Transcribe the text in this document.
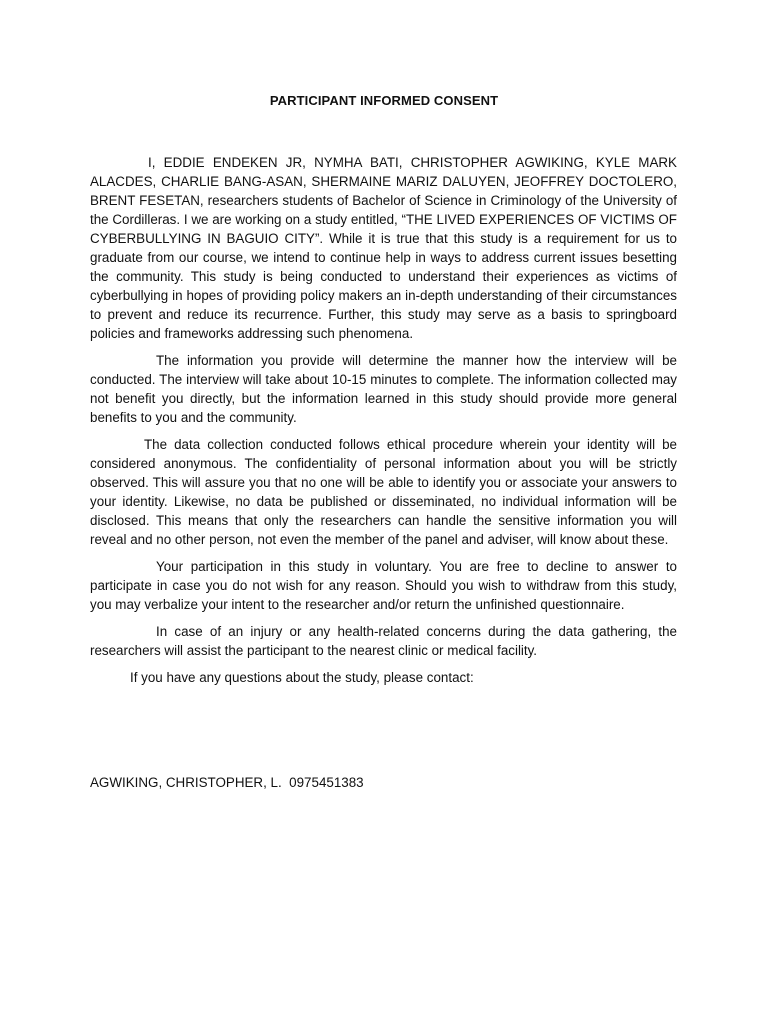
PARTICIPANT INFORMED CONSENT

I, EDDIE ENDEKEN JR, NYMHA BATI, CHRISTOPHER AGWIKING, KYLE MARK ALACDES, CHARLIE BANG-ASAN, SHERMAINE MARIZ DALUYEN, JEOFFREY DOCTOLERO, BRENT FESETAN, researchers students of Bachelor of Science in Criminology of the University of the Cordilleras. I we are working on a study entitled, “THE LIVED EXPERIENCES OF VICTIMS OF CYBERBULLYING IN BAGUIO CITY”. While it is true that this study is a requirement for us to graduate from our course, we intend to continue help in ways to address current issues besetting the community. This study is being conducted to understand their experiences as victims of cyberbullying in hopes of providing policy makers an in-depth understanding of their circumstances to prevent and reduce its recurrence. Further, this study may serve as a basis to springboard policies and frameworks addressing such phenomena.

The information you provide will determine the manner how the interview will be conducted. The interview will take about 10-15 minutes to complete. The information collected may not benefit you directly, but the information learned in this study should provide more general benefits to you and the community.

The data collection conducted follows ethical procedure wherein your identity will be considered anonymous. The confidentiality of personal information about you will be strictly observed. This will assure you that no one will be able to identify you or associate your answers to your identity. Likewise, no data be published or disseminated, no individual information will be disclosed. This means that only the researchers can handle the sensitive information you will reveal and no other person, not even the member of the panel and adviser, will know about these.

Your participation in this study in voluntary. You are free to decline to answer to participate in case you do not wish for any reason. Should you wish to withdraw from this study, you may verbalize your intent to the researcher and/or return the unfinished questionnaire.

In case of an injury or any health-related concerns during the data gathering, the researchers will assist the participant to the nearest clinic or medical facility.

If you have any questions about the study, please contact:

AGWIKING, CHRISTOPHER, L.  0975451383
